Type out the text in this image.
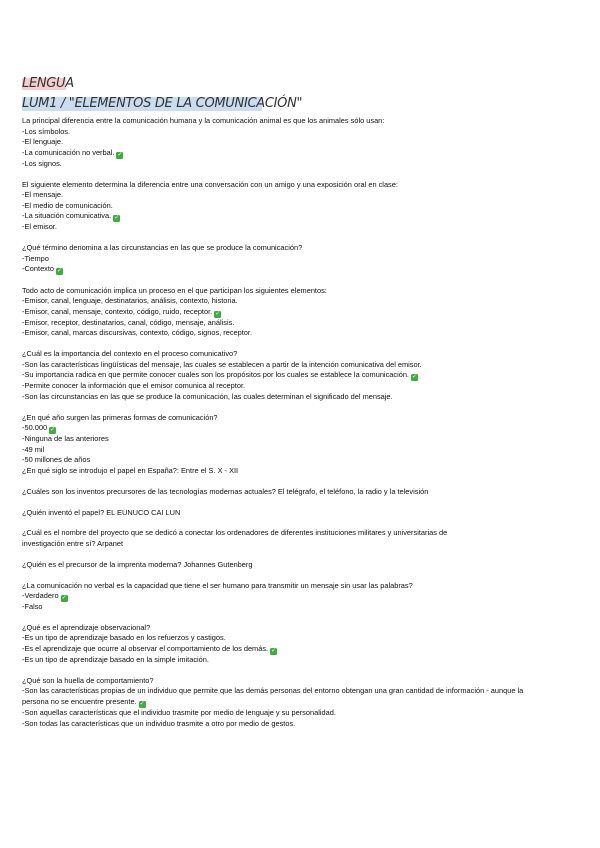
LENGUA
LUM1 / "ELEMENTOS DE LA COMUNICACIÓN"
La principal diferencia entre la comunicación humana y la comunicación animal es que los animales sólo usan:
-Los símbolos.
-El lenguaje.
-La comunicación no verbal. ✓
-Los signos.
El siguiente elemento determina la diferencia entre una conversación con un amigo y una exposición oral en clase:
-El mensaje.
-El medio de comunicación.
-La situación comunicativa. ✓
-El emisor.
¿Qué término denomina a las circunstancias en las que se produce la comunicación?
-Tiempo
-Contexto ✓
Todo acto de comunicación implica un proceso en el que participan los siguientes elementos:
-Emisor, canal, lenguaje, destinatarios, análisis, contexto, historia.
-Emisor, canal, mensaje, contexto, código, ruido, receptor. ✓
-Emisor, receptor, destinatarios, canal, código, mensaje, análisis.
-Emisor, canal, marcas discursivas, contexto, código, signos, receptor.
¿Cuál es la importancia del contexto en el proceso comunicativo?
-Son las características lingüísticas del mensaje, las cuales se establecen a partir de la intención comunicativa del emisor.
-Su importancia radica en que permite conocer cuales son los propósitos por los cuales se establece la comunicación. ✓
-Permite conocer la información que el emisor comunica al receptor.
-Son las circunstancias en las que se produce la comunicación, las cuales determinan el significado del mensaje.
¿En qué año surgen las primeras formas de comunicación?
-50.000 ✓
-Ninguna de las anteriores
-49 mil
-50 millones de años
¿En qué siglo se introdujo el papel en España?: Entre el S. X - XII
¿Cuáles son los inventos precursores de las tecnologías modernas actuales? El telégrafo, el teléfono, la radio y la televisión
¿Quién inventó el papel? EL EUNUCO CAI LUN
¿Cuál es el nombre del proyecto que se dedicó a conectar los ordenadores de diferentes instituciones militares y universitarias de
investigación entre sí? Arpanet
¿Quién es el precursor de la imprenta moderna? Johannes Gutenberg
¿La comunicación no verbal es la capacidad que tiene el ser humano para transmitir un mensaje sin usar las palabras?
-Verdadero ✓
-Falso
¿Qué es el aprendizaje observacional?
-Es un tipo de aprendizaje basado en los refuerzos y castigos.
-Es el aprendizaje que ocurre al observar el comportamiento de los demás. ✓
-Es un tipo de aprendizaje basado en la simple imitación.
¿Qué son la huella de comportamiento?
-Son las características propias de un individuo que permite que las demás personas del entorno obtengan una gran cantidad de información - aunque la
persona no se encuentre presente. ✓
-Son aquellas características que el individuo trasmite por medio de lenguaje y su personalidad.
-Son todas las características que un individuo trasmite a otro por medio de gestos.
